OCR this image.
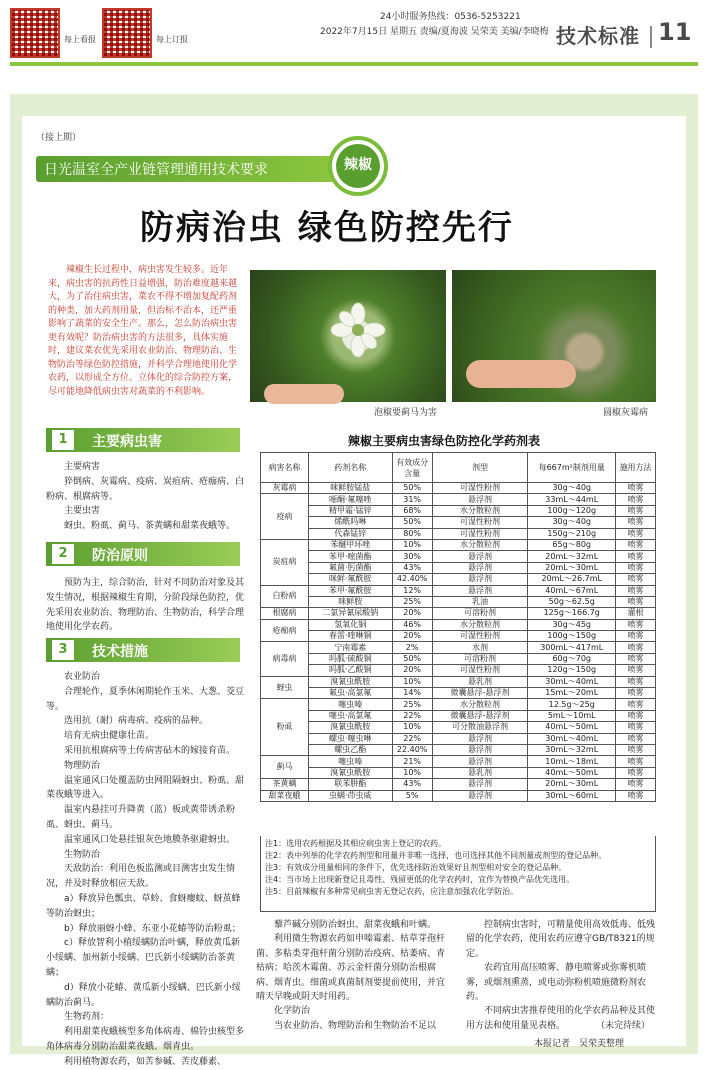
每上看报	每上订报
24小时服务热线：0536-5253221
2022年7月15日 星期五 责编/夏海波 吴荣美 美编/李晓梅 技术标准 11
（接上期）
日光温室全产业链管理通用技术要求	辣椒
防病治虫 绿色防控先行
辣椒生长过程中，病虫害发生较多。近年来，病虫害的抗药性日益增强，防治难度越来越大，为了治住病虫害，菜农不得不增加复配药剂的种类，加大药剂用量，但治标不治本，还严重影响了蔬菜的安全生产。那么，怎么防治病虫害更有效呢？防治病虫害的方法很多，具体实施时，建议菜农优先采用农业防治、物理防治、生物防治等绿色防控措施，并科学合理地使用化学农药，以形成全方位、立体化的综合防控方案，尽可能地降低病虫害对蔬菜的不利影响。
泡椒要蓟马为害	圆椒灰霉病
1	主要病虫害

主要病害

猝倒病、灰霉病、疫病、炭疽病、疮痂病、白粉病、根腐病等。

主要虫害

蚜虫、粉虱、蓟马、茶黄螨和甜菜夜蛾等。

2	防治原则

预防为主，综合防治，针对不同防治对象及其发生情况，根据辣椒生育期，分阶段绿色防控，优先采用农业防治、物理防治、生物防治，科学合理地使用化学农药。

3	技术措施

农业防治

合理轮作，夏季休闲期轮作玉米、大葱、茭豆等。

选用抗（耐）病毒病、疫病的品种。

培育无病虫健康壮苗。

采用抗根腐病等土传病害砧木的嫁接育苗。

物理防治

温室通风口处覆盖防虫网阻隔蚜虫、粉虱、甜菜夜蛾等进入。

温室内悬挂可升降黄（蓝）板或黄带诱杀粉虱、蚜虫、蓟马。

温室通风口处悬挂银灰色地膜条驱避蚜虫。

生物防治

天敌防治：利用色板监测或目测害虫发生情况，并及时释放相应天敌。

a）释放异色瓢虫、草蛉、食蚜瘿蚊、蚜茧蜂等防治蚜虫；

b）释放丽蚜小蜂、东亚小花蝽等防治粉虱；

c）释放智利小植绥螨防治叶螨，释放黄瓜新小绥螨、加州新小绥螨、巴氏新小绥螨防治茶黄螨；

d）释放小花蝽、黄瓜新小绥螨、巴氏新小绥螨防治蓟马。

生物药剂：

利用甜菜夜蛾核型多角体病毒、棉铃虫核型多角体病毒分别防治甜菜夜蛾、烟青虫。

利用植物源农药，如苦参碱、苦皮藤素、

辣椒主要病虫害绿色防控化学药剂表
病害名称	药剂名称	有效成分含量	剂型	每667m²制剂用量	施用方法
灰霉病	咪鲜胺锰盐	50%	可湿性粉剂	30g～40g	喷雾
疫病	噁酮·氟噻唑	31%	悬浮剂	33mL～44mL	喷雾
	精甲霜·锰锌	68%	水分散粒剂	100g～120g	喷雾
	烯酰吗啉	50%	可湿性粉剂	30g～40g	喷雾
	代森锰锌	80%	可湿性粉剂	150g～210g	喷雾
炭疽病	苯醚甲环唑	10%	水分散粒剂	65g～80g	喷雾
	苯甲·嘧菌酯	30%	悬浮剂	20mL～32mL	喷雾
	氟菌·肟菌酯	43%	悬浮剂	20mL～30mL	喷雾
	咪鲜·氟酰胺	42.40%	悬浮剂	20mL～26.7mL	喷雾
白粉病	苯甲·氟酰胺	12%	悬浮剂	40mL～67mL	喷雾
	咪鲜胺	25%	乳油	50g～62.5g	喷雾
根腐病	二氯异氰尿酸钠	20%	可溶粉剂	125g～166.7g	灌根
疮痂病	氢氧化铜	46%	水分散粒剂	30g～45g	喷雾
	春雷·喹啉铜	20%	可湿性粉剂	100g～150g	喷雾
病毒病	宁南霉素	2%	水剂	300mL～417mL	喷雾
	吗胍·硫酸铜	50%	可溶粉剂	60g～70g	喷雾
	吗胍·乙酸铜	20%	可湿性粉剂	120g～150g	喷雾
蚜虫	溴氰虫酰胺	10%	悬乳剂	30mL～40mL	喷雾
	氟虫·高氯氟	14%	微囊悬浮-悬浮剂	15mL～20mL	喷雾
粉虱	噻虫嗪	25%	水分散粒剂	12.5g～25g	喷雾
	噻虫·高氯氟	22%	微囊悬浮-悬浮剂	5mL～10mL	喷雾
	溴氰虫酰胺	10%	可分散油悬浮剂	40mL～50mL	喷雾
	螺虫·噻虫啉	22%	悬浮剂	30mL～40mL	喷雾
	螺虫乙酯	22.40%	悬浮剂	30mL～32mL	喷雾
蓟马	噻虫嗪	21%	悬浮剂	10mL～18mL	喷雾
	溴氰虫酰胺	10%	悬乳剂	40mL～50mL	喷雾
茶黄螨	联苯肼酯	43%	悬浮剂	20mL～30mL	喷雾
甜菜夜蛾	虫螨·茚虫威	5%	悬浮剂	30mL～60mL	喷雾

注1：选用农药根据及其相应病虫害上登记的农药。

注2：表中列举的化学农药剂型和用量并非唯一选择，也可选择其他不同剂量或剂型的登记品种。

注3：有效成分用量相同的条件下，优先选择防治效果好且剂型相对安全的登记品种。

注4：当市场上出现新登记且毒性、残留更低的化学农药时，宜作为替换产品优先选用。

注5：目前辣椒有多种常见病虫害无登记农药，应注意加强农化学防治。

藜芦碱分别防治蚜虫、甜菜夜蛾和叶螨。

利用微生物源农药如申嗪霉素、枯草芽孢杆菌、多粘类芽孢杆菌分别防治疫病、枯萎病、青枯病；哈茨木霉菌、苏云金杆菌分别防治根腐病、烟青虫。细菌或真菌制剂要提前使用，并宜晴天早晚或阴天时用药。

化学防治

当农业防治、物理防治和生物防治不足以

控制病虫害时，可精量使用高效低毒、低残留的化学农药，使用农药应遵守GB/T8321的规定。

农药宜用高压喷雾、静电喷雾或弥雾机喷雾，或烟剂熏蒸，或电动弥粉机喷施微粉剂农药。

不同病虫害推荐使用的化学农药品种及其使用方法和使用量见表格。	（未完待续）
本报记者　吴荣美整理
